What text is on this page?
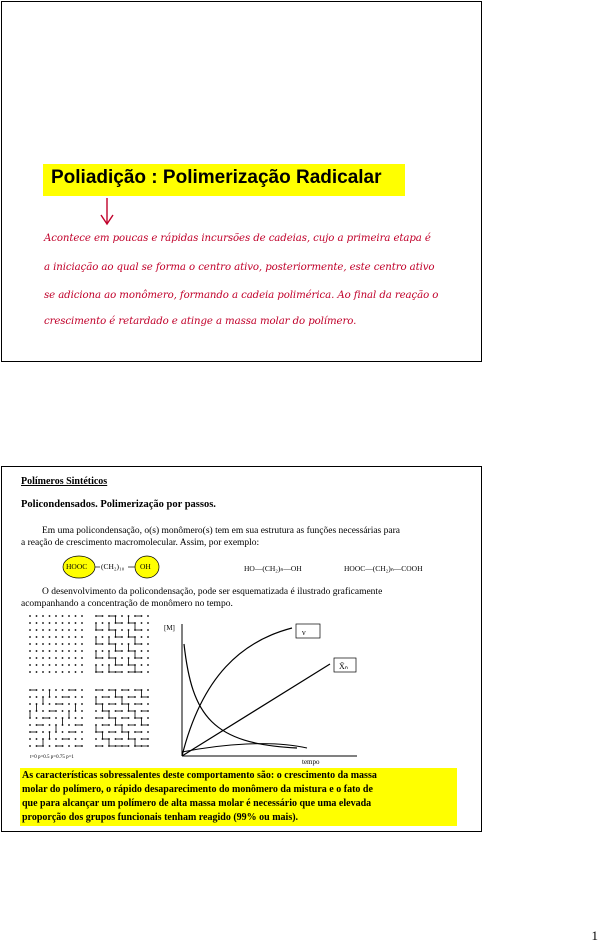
Poliadição : Polimerização Radicalar
Acontece em poucas e rápidas incursões de cadeias, cujo a primeira etapa é
a iniciação ao qual se forma o centro ativo, posteriormente, este centro ativo
se adiciona ao monômero, formando a cadeia polimérica. Ao final da reação o
crescimento é retardado e atinge a massa molar do polímero.
Polímeros Sintéticos
Policondensados. Polimerização por passos.
Em uma policondensação, o(s) monômero(s) tem em sua estrutura as funções necessárias para
a reação de crescimento macromolecular. Assim, por exemplo:
HOOC (CH₂)₁₀ OH	HO—(CH₂)ₙ—OH	HOOC—(CH₂)ₙ—COOH
O desenvolvimento da policondensação, pode ser esquematizada é ilustrado graficamente
acompanhando a concentração de monômero no tempo.
t=0 p=0.5 p=0.75 p=1
[M]
tempo
ν
X̄ₙ
As características sobressalentes deste comportamento são: o crescimento da massa
molar do polímero, o rápido desaparecimento do monômero da mistura e o fato de
que para alcançar um polímero de alta massa molar é necessário que uma elevada
proporção dos grupos funcionais tenham reagido (99% ou mais).
1
